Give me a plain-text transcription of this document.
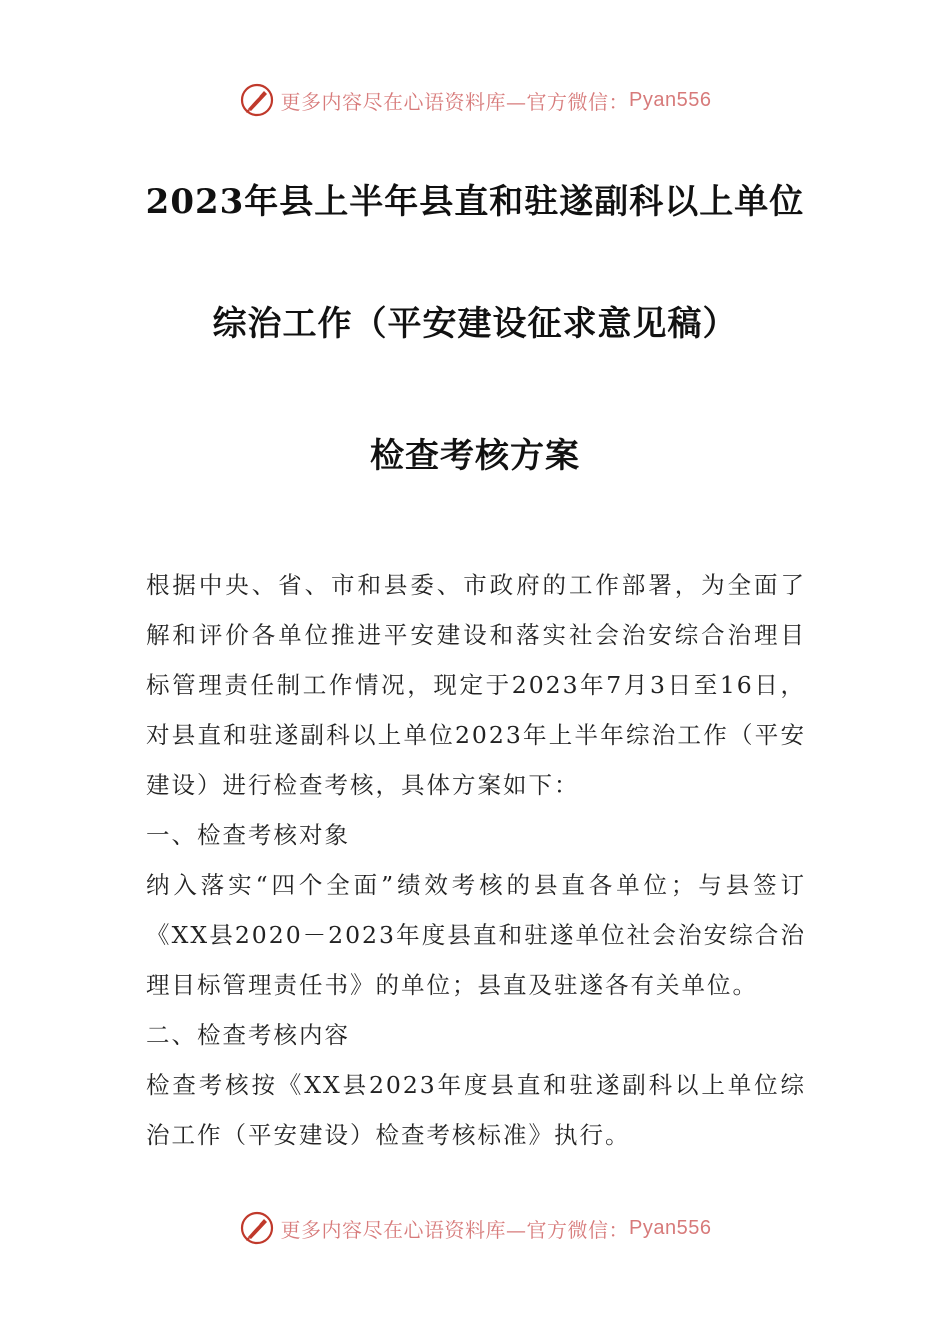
更多内容尽在心语资料库—官方微信： Pyan556
2023年县上半年县直和驻遂副科以上单位
综治工作（平安建设征求意见稿）
检查考核方案

根据中央、省、市和县委、市政府的工作部署，为全面了解和评价各单位推进平安建设和落实社会治安综合治理目标管理责任制工作情况，现定于2023年7月3日至16日，对县直和驻遂副科以上单位2023年上半年综治工作（平安建设）进行检查考核，具体方案如下：

一、检查考核对象

纳入落实“四个全面”绩效考核的县直各单位；与县签订《XX县2020－2023年度县直和驻遂单位社会治安综合治理目标管理责任书》的单位；县直及驻遂各有关单位。

二、检查考核内容

检查考核按《XX县2023年度县直和驻遂副科以上单位综治工作（平安建设）检查考核标准》执行。

更多内容尽在心语资料库—官方微信： Pyan556
